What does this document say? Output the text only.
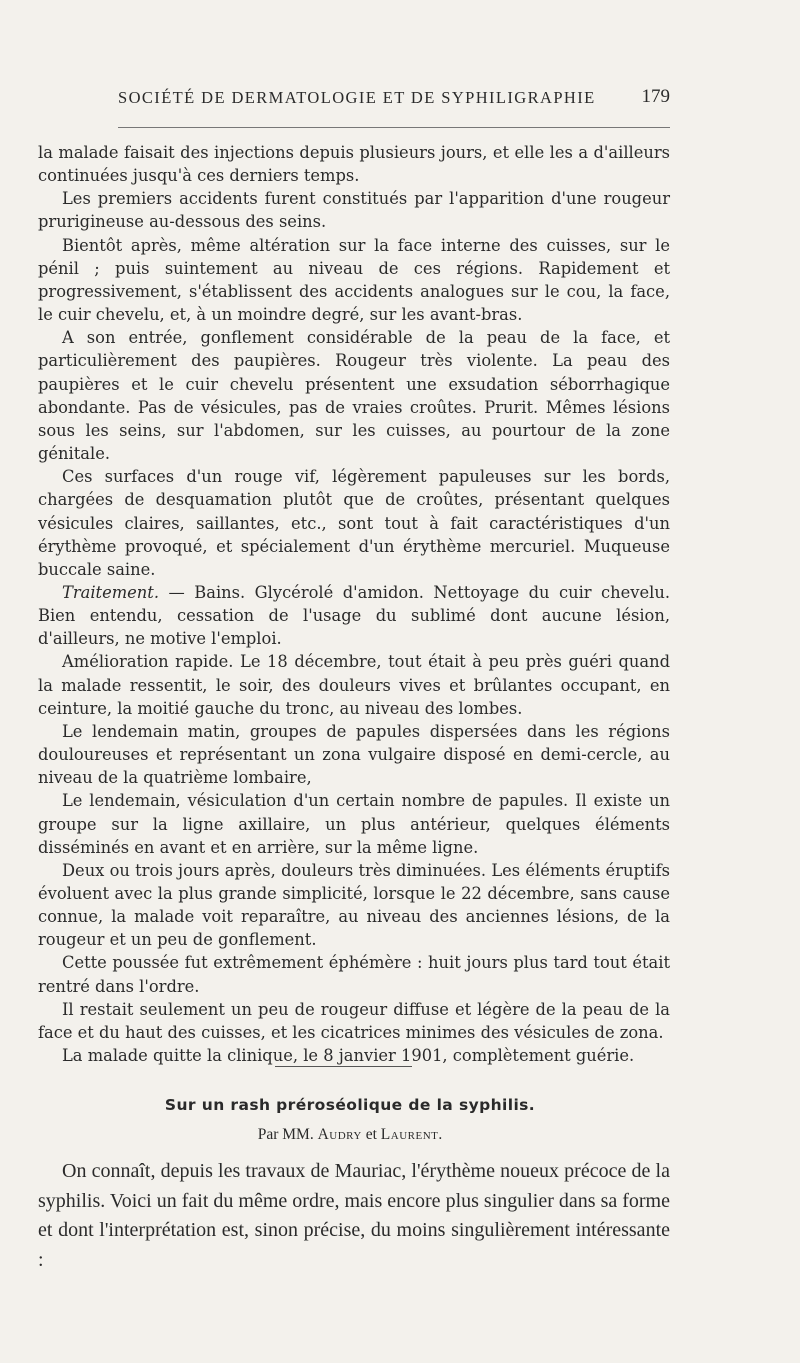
SOCIÉTÉ DE DERMATOLOGIE ET DE SYPHILIGRAPHIE 179

la malade faisait des injections depuis plusieurs jours, et elle les a d'ailleurs continuées jusqu'à ces derniers temps.

Les premiers accidents furent constitués par l'apparition d'une rougeur prurigineuse au-dessous des seins.

Bientôt après, même altération sur la face interne des cuisses, sur le pénil ; puis suintement au niveau de ces régions. Rapidement et progressivement, s'établissent des accidents analogues sur le cou, la face, le cuir chevelu, et, à un moindre degré, sur les avant-bras.

A son entrée, gonflement considérable de la peau de la face, et particulièrement des paupières. Rougeur très violente. La peau des paupières et le cuir chevelu présentent une exsudation séborrhagique abondante. Pas de vésicules, pas de vraies croûtes. Prurit. Mêmes lésions sous les seins, sur l'abdomen, sur les cuisses, au pourtour de la zone génitale.

Ces surfaces d'un rouge vif, légèrement papuleuses sur les bords, chargées de desquamation plutôt que de croûtes, présentant quelques vésicules claires, saillantes, etc., sont tout à fait caractéristiques d'un érythème provoqué, et spécialement d'un érythème mercuriel. Muqueuse buccale saine.

Traitement. — Bains. Glycérolé d'amidon. Nettoyage du cuir chevelu. Bien entendu, cessation de l'usage du sublimé dont aucune lésion, d'ailleurs, ne motive l'emploi.

Amélioration rapide. Le 18 décembre, tout était à peu près guéri quand la malade ressentit, le soir, des douleurs vives et brûlantes occupant, en ceinture, la moitié gauche du tronc, au niveau des lombes.

Le lendemain matin, groupes de papules dispersées dans les régions douloureuses et représentant un zona vulgaire disposé en demi-cercle, au niveau de la quatrième lombaire,

Le lendemain, vésiculation d'un certain nombre de papules. Il existe un groupe sur la ligne axillaire, un plus antérieur, quelques éléments disséminés en avant et en arrière, sur la même ligne.

Deux ou trois jours après, douleurs très diminuées. Les éléments éruptifs évoluent avec la plus grande simplicité, lorsque le 22 décembre, sans cause connue, la malade voit reparaître, au niveau des anciennes lésions, de la rougeur et un peu de gonflement.

Cette poussée fut extrêmement éphémère : huit jours plus tard tout était rentré dans l'ordre.

Il restait seulement un peu de rougeur diffuse et légère de la peau de la face et du haut des cuisses, et les cicatrices minimes des vésicules de zona.

La malade quitte la clinique, le 8 janvier 1901, complètement guérie.

Sur un rash préroséolique de la syphilis.
Par MM. Audry et Laurent.

On connaît, depuis les travaux de Mauriac, l'érythème noueux précoce de la syphilis. Voici un fait du même ordre, mais encore plus singulier dans sa forme et dont l'interprétation est, sinon précise, du moins singulièrement intéressante :
